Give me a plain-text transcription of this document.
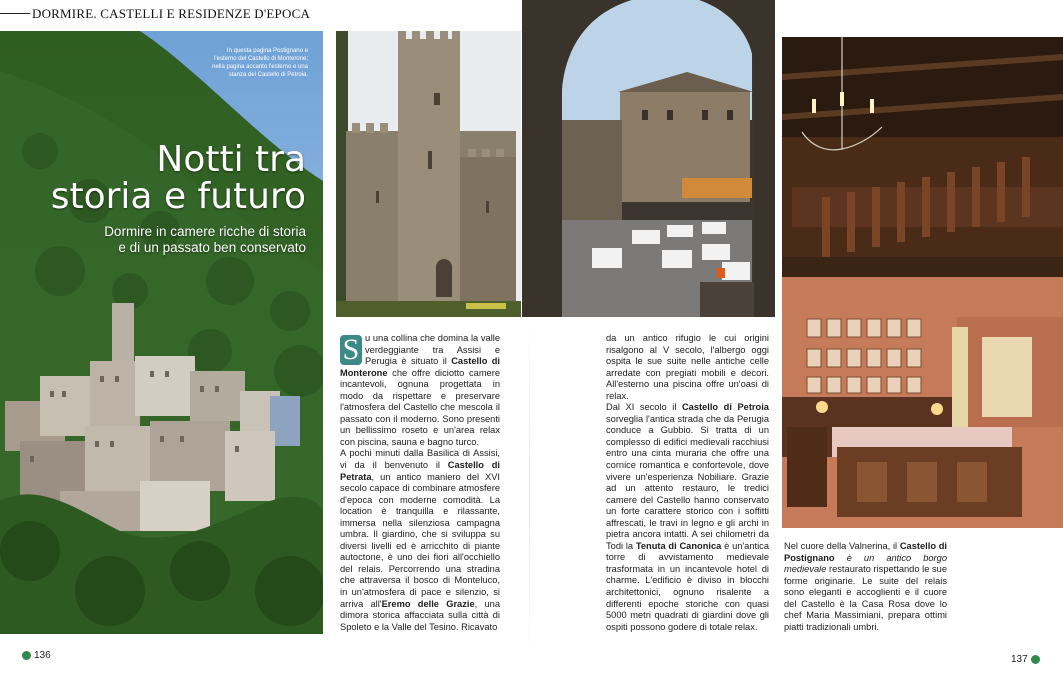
DORMIRE. CASTELLI E RESIDENZE D'EPOCA
In questa pagina Postignano e l'esterno del Castello di Monterone; nella pagina accanto l'esterno e una stanza del Castello di Petroia.
Notti tra
storia e futuro
Dormire in camere ricche di storia
e di un passato ben conservato
S u una collina che domina la valle verdeggiante tra Assisi e Perugia è situato il Castello di Monterone che offre diciotto camere incantevoli, ognuna progettata in modo da rispettare e preservare l'atmosfera del Castello che mescola il passato con il moderno. Sono presenti un bellissimo roseto e un'area relax con piscina, sauna e bagno turco.

A pochi minuti dalla Basilica di Assisi, vi da il benvenuto il Castello di Petrata, un antico maniero del XVI secolo capace di combinare atmosfere d'epoca con moderne comodità. La location è tranquilla e rilassante, immersa nella silenziosa campagna umbra. Il giardino, che si sviluppa su diversi livelli ed è arricchito di piante autoctone, è uno dei fiori all'occhiello del relais. Percorrendo una stradina che attraversa il bosco di Monteluco, in un'atmosfera di pace e silenzio, si arriva all'Eremo delle Grazie, una dimora storica affacciata sulla città di Spoleto e la Valle del Tesino. Ricavato

da un antico rifugio le cui origini risalgono al V secolo, l'albergo oggi ospita le sue suite nelle antiche celle arredate con pregiati mobili e decori. All'esterno una piscina offre un'oasi di relax.

Dal XI secolo il Castello di Petroia sorveglia l'antica strada che da Perugia conduce a Gubbio. Si tratta di un complesso di edifici medievali racchiusi entro una cinta muraria che offre una cornice romantica e confortevole, dove vivere un'esperienza Nobiliare. Grazie ad un attento restauro, le tredici camere del Castello hanno conservato un forte carattere storico con i soffitti affrescati, le travi in legno e gli archi in pietra ancora intatti. A sei chilometri da Todi la Tenuta di Canonica è un'antica torre di avvistamento medievale trasformata in un incantevole hotel di charme. L'edificio è diviso in blocchi architettonici, ognuno risalente a differenti epoche storiche con quasi 5000 metri quadrati di giardini dove gli ospiti possono godere di totale relax.

Nel cuore della Valnerina, il Castello di Postignano è un antico borgo medievale restaurato rispettando le sue forme originarie. Le suite del relais sono eleganti e accoglienti e il cuore del Castello è la Casa Rosa dove lo chef Maria Massimiani, prepara ottimi piatti tradizionali umbri.

136	137
